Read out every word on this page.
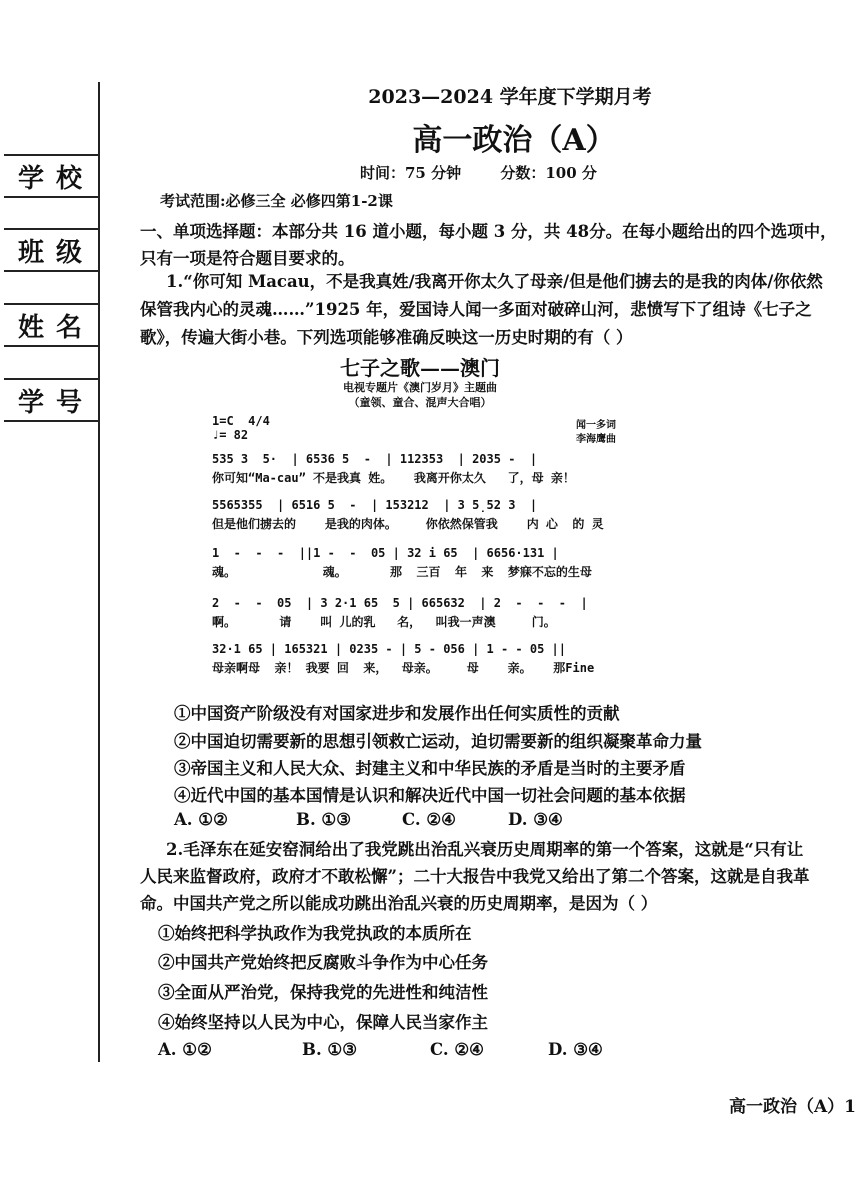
学校
班级
姓名
学号
2023—2024 学年度下学期月考
高一政治（A）
时间：75 分钟	分数：100 分
考试范围:必修三全 必修四第1-2课
一、单项选择题：本部分共 16 道小题，每小题 3 分，共 48分。在每小题给出的四个选项中，
只有一项是符合题目要求的。
1.“你可知 Macau，不是我真姓/我离开你太久了母亲/但是他们掳去的是我的肉体/你依然保管我内心的灵魂……”1925 年，爱国诗人闻一多面对破碎山河，悲愤写下了组诗《七子之歌》，传遍大街小巷。下列选项能够准确反映这一历史时期的有（ ）
七子之歌——澳门
电视专题片《澳门岁月》主题曲
（童领、童合、混声大合唱）
1=C  4/4
♩= 82
闻一多词
李海鹰曲
535 3  5·  | 6536 5  -  | 112353  | 2035 -  |
你可知“Ma-cau” 不是我真 姓。   我离开你太久   了，母 亲！
5565355  | 6516 5  -  | 153212  | 3 5̣52 3  |
但是他们掳去的    是我的肉体。    你依然保管我    内 心  的 灵
1  -  -  -  ||1 -  -  05 | 32 i 65  | 6656·131 |
魂。            魂。      那  三百  年  来  梦寐不忘的生母
2  -  -  05  | 3 2·1 65  5 | 665632  | 2  -  -  -  |
啊。      请    叫 儿的乳   名，  叫我一声澳     门。
32·1 65 | 165321 | 0235 - | 5 - 056 | 1 - - 05 ||
母亲啊母  亲！ 我要 回  来，  母亲。    母    亲。   那Fine
①中国资产阶级没有对国家进步和发展作出任何实质性的贡献
②中国迫切需要新的思想引领救亡运动，迫切需要新的组织凝聚革命力量
③帝国主义和人民大众、封建主义和中华民族的矛盾是当时的主要矛盾
④近代中国的基本国情是认识和解决近代中国一切社会问题的基本依据
A. ①②	B. ①③	C. ②④	D. ③④
2.毛泽东在延安窑洞给出了我党跳出治乱兴衰历史周期率的第一个答案，这就是“只有让
人民来监督政府，政府才不敢松懈”；二十大报告中我党又给出了第二个答案，这就是自我革
命。中国共产党之所以能成功跳出治乱兴衰的历史周期率，是因为（ ）
①始终把科学执政作为我党执政的本质所在
②中国共产党始终把反腐败斗争作为中心任务
③全面从严治党，保持我党的先进性和纯洁性
④始终坚持以人民为中心，保障人民当家作主
A. ①②	B. ①③	C. ②④	D. ③④
高一政治（A）1
